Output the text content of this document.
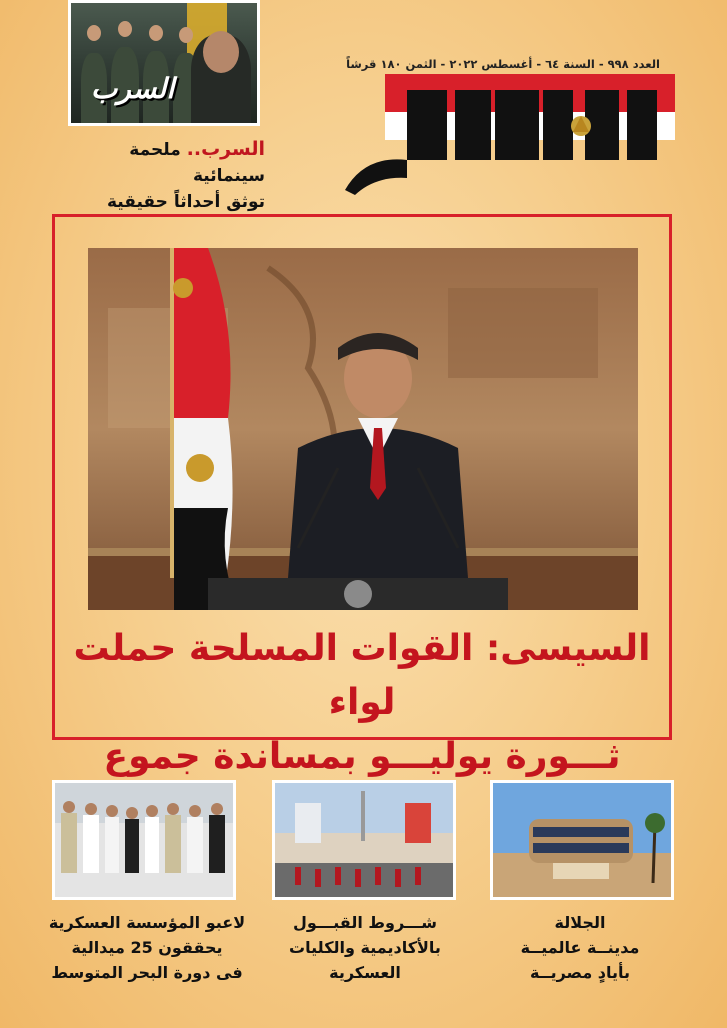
السرب
السرب.. ملحمة سينمائية
توثق أحداثاً حقيقية
العدد ٩٩٨ - السنة ٦٤ - أغسطس ٢٠٢٢ - الثمن ١٨٠ قرشاً
السيسى: القوات المسلحة حملت لواء
ثـــورة يوليـــو بمساندة جموع
الجلالة
مدينــة عالميــة
بأيادٍ مصريــة
شـــروط القبـــول
بالأكاديمية والكليات
العسكرية
لاعبو المؤسسة العسكرية
يحققون 25 ميدالية
فى دورة البحر المتوسط
